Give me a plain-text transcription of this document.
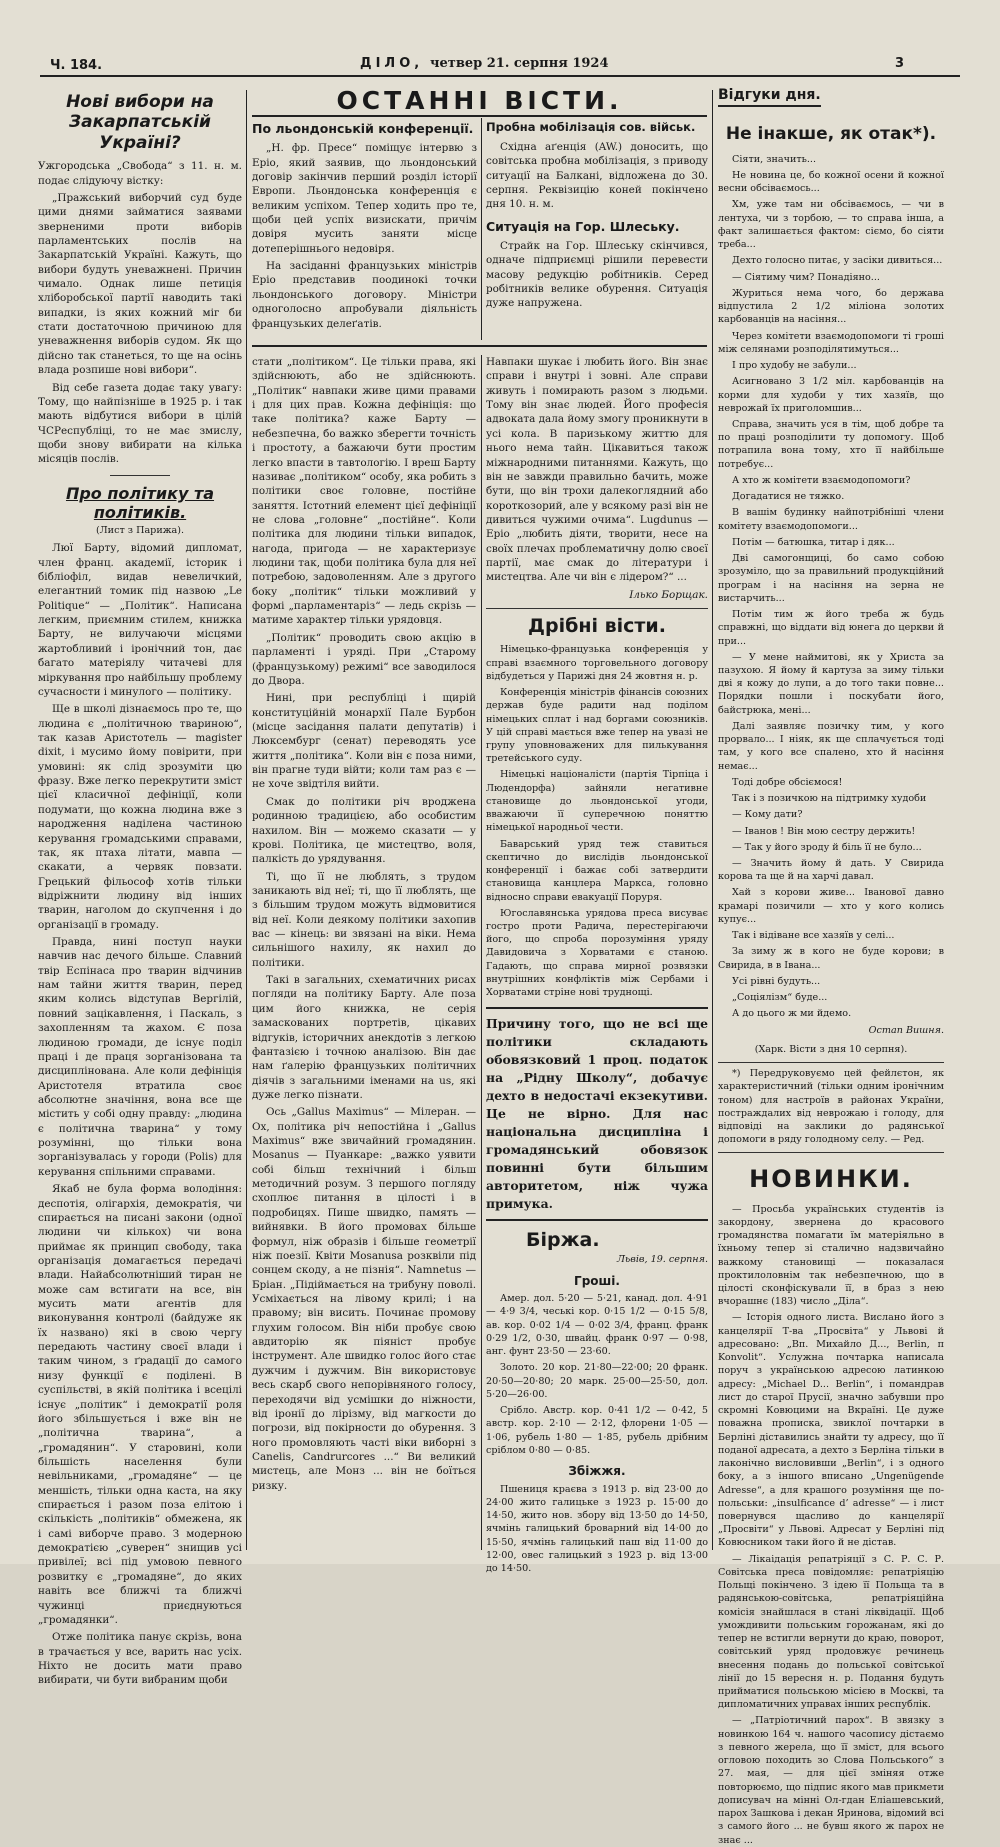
Ч. 184.	ДІЛО, четвер 21. серпня 1924	3
Нові вибори на Закарпатській Україні?

Ужгородська „Свобода“ з 11. н. м. подає слідуючу вістку:

„Пражський виборчий суд буде цими днями займатися заявами зверненими проти виборів парламентських послів на Закарпатській Україні. Кажуть, що вибори будуть уневажнені. Причин чимало. Однак лише петиція хліборобської партії наводить такі випадки, із яких кожний міг би стати достаточною причиною для уневажнення виборів судом. Як що дійсно так станеться, то ще на осінь влада розпише нові вибори“.

Від себе газета додає таку увагу: Тому, що найпізніше в 1925 р. і так мають відбутися вибори в цілій ЧСРеспубліці, то не має змислу, щоби знову вибирати на кілька місяців послів.

Про політику та політиків.
(Лист з Парижа).

Люї Барту, відомий дипломат, член франц. академії, історик і бібліофіл, видав невеличкий, елегантний томик під назвою „Le Politique“ — „Політик“. Написана легким, приємним стилем, книжка Барту, не вилучаючи місцями жартобливий і іронічний тон, дає багато матеріялу читачеві для міркування про найбільшу проблему сучасности і минулого — політику.

Ще в школі дізнаємось про те, що людина є „політичною твариною“, так казав Аристотель — magister dixit, і мусимо йому повірити, при умовині: як слід зрозуміти цю фразу. Вже легко перекрутити зміст цієї класичної дефініції, коли подумати, що кожна людина вже з народження наділена частиною керування громадськими справами, так, як птаха літати, мавпа — скакати, а червяк повзати. Грецький фільософ хотів тільки відріжнити людину від інших тварин, наголом до скупчення і до організації в громаду.

Правда, нині поступ науки навчив нас дечого більше. Славний твір Еспінаса про тварин відчинив нам тайни життя тварин, перед яким колись відступав Вергілій, повний зацікавлення, і Паскаль, з захопленням та жахом. Є поза людиною громади, де існує поділ праці і де праця зорганізована та дисциплінована. Але коли дефініція Аристотеля втратила своє абсолютне значіння, вона все ще містить у собі одну правду: „людина є політична тварина“ у тому розумінні, що тільки вона зорганізувалась у городи (Polis) для керування спільними справами.

Якаб не була форма володіння: деспотія, олігархія, демократія, чи спирається на писані закони (одної людини чи кількох) чи вона приймає як принцип свободу, така організація домагається передачі влади. Найабсолютніший тиран не може сам встигати на все, він мусить мати агентів для виконування контролі (байдуже як їх названо) які в свою чергу передають частину своєї влади і таким чином, з ґрадації до самого низу функції є поділені. В суспільстві, в якій політика і всецілі існує „політик“ і демократії роля його збільшується і вже він не „політична тварина“, а „громадянин“. У старовині, коли більшість населення були невільниками, „громадяне“ — це меншість, тільки одна каста, на яку спирається і разом поза елітою і скількість „політиків“ обмежена, як і самі виборче право. З модерною демократією „суверен“ знищив усі привілеї; всі під умовою певного розвитку є „громадяне“, до яких навіть все ближчі та ближчі чужинці приєднуються „громадянки“.

Отже політика панує скрізь, вона в трачається у все, варить нас усіх. Ніхто не досить мати право вибирати, чи бути вибраним щоби

ОСТАННІ ВІСТИ.
По льондонській конференції.

„Н. фр. Пресе“ поміщує інтервю з Еріо, який заявив, що льондонський договір закінчив перший розділ історії Европи. Льондонська конференція є великим успіхом. Тепер ходить про те, щоби цей успіх визискати, причім довіря мусить заняти місце дотеперішнього недовіря.

На засіданні французьких міністрів Еріо представив поодинокі точки льондонського договору. Міністри одноголосно апробували діяльність французьких делеґатів.

Пробна мобілізація сов. військ.

Східна аґенція (AW.) доносить, що совітська пробна мобілізація, з приводу ситуації на Балкані, відложена до 30. серпня. Реквізицію коней покінчено дня 10. н. м.

Ситуація на Гор. Шлеську.

Страйк на Гор. Шлеську скінчився, одначе підприємці рішили перевести масову редукцію робітників. Серед робітників велике обурення. Ситуація дуже напружена.

стати „політиком“. Це тільки права, які здійснюють, або не здійснюють. „Політик“ навпаки живе цими правами і для цих прав. Кожна дефініція: що таке політика? каже Барту — небезпечна, бо важко зберегти точність і простоту, а бажаючи бути простим легко впасти в тавтологію. І вреш Барту називає „політиком“ особу, яка робить з політики своє головне, постійне заняття. Істотний елемент цієї дефініції не слова „головне“ „постійне“. Коли політика для людини тільки випадок, нагода, пригода — не характеризує людини так, щоби політика була для неї потребою, задоволенням. Але з другого боку „політик“ тільки можливий у формі „парламентаріз“ — ледь скрізь — матиме характер тільки урядовця.

„Політик“ проводить свою акцію в парламенті і уряді. При „Старому (французькому) режимі“ все заводилося до Двора.

Нині, при республіці і щирій конституційній монархії Пале Бурбон (місце засідання палати депутатів) і Люксембург (сенат) переводять усе життя „політика“. Коли він є поза ними, він прагне туди війти; коли там раз є — не хоче звідтіля вийти.

Смак до політики річ вроджена родинною традицією, або особистим нахилом. Він — можемо сказати — у крові. Політика, це мистецтво, воля, палкість до урядування.

Ті, що її не люблять, з трудом заникають від неї; ті, що її люблять, ще з більшим трудом можуть відмовитися від неї. Коли деякому політики захопив вас — кінець: ви звязані на віки. Нема сильнішого нахилу, як нахил до політики.

Такі в загальних, схематичних рисах погляди на політику Барту. Але поза цим його книжка, не серія замаскованих портретів, цікавих відгуків, історичних анекдотів з легкою фантазією і точною аналізою. Він дає нам ґалерію французьких політичних діячів з загальними іменами на us, які дуже легко пізнати.

Ось „Gallus Maximus“ — Мілеран. — Ох, політика річ непостійна і „Gallus Maximus“ вже звичайний громадянин. Mosanus — Пуанкаре: „важко уявити собі більш технічний і більш методичний розум. З першого погляду схоплює питання в цілості і в подробицях. Пише швидко, память — вийнявки. В його промовах більше формул, ніж образів і більше геометрії ніж поезії. Квіти Mosanusa розквіли під сонцем скоду, а не пізнія“. Namnetus — Бріан. „Підіймається на трибуну поволі. Усміхається на лівому крилі; і на правому; він висить. Починає промову глухим голосом. Він ніби пробує свою авдиторію як піяніст пробує інструмент. Але швидко голос його стає дужчим і дужчим. Він використовує весь скарб свого непорівняного голосу, переходячи від усмішки до ніжности, від іронії до лірізму, від магкости до погрози, від покірности до обурення. З ного промовляють часті віки виборні з Canelis, Candrurcores ...“ Ви великий мистець, але Монз ... він не боїться ризку.

Навпаки шукає і любить його. Він знає справи і внутрі і зовні. Але справи живуть і помирають разом з людьми. Тому він знає людей. Його професія адвоката дала йому змогу проникнути в усі кола. В паризькому життю для нього нема тайн. Цікавиться також міжнародними питаннями. Кажуть, що він не завжди правильно бачить, може бути, що він трохи далекоглядний або короткозорий, але у всякому разі він не дивиться чужими очима“. Lugdunus — Еріо „любить діяти, творити, несе на своїх плечах проблематичну долю своєї партії, має смак до літератури і мистецтва. Але чи він є лідером?“ ...

Ількo Борщак.
Дрібні вісти.

Німецько-французька конференція у справі взаємного торговельного договору відбудеться у Парижі дня 24 жовтня н. р.

Конференція міністрів фінансів союзних держав буде радити над поділом німецьких сплат і над боргами союзників. У цій справі мається вже тепер на увазі не групу уповноважених для пилькування третейського суду.

Німецькі націоналісти (партія Тірпіца і Людендорфа) зайняли негативне становище до льондонської угоди, вважаючи її суперечною поняттю німецької народньої чести.

Баварський уряд теж ставиться скептично до вислідів льондонської конференції і бажає собі затвердити становища канцлера Маркса, головно відносно справи евакуації Поруря.

Югославянська урядова преса висуває гостро проти Радича, перестерігаючи його, що спроба порозуміння уряду Давидовича з Хорватами є станою. Гадають, що справа мирної розвязки внутрішних конфліктів між Сербами і Хорватами стріне нові труднощі.

Причину того, що не всі ще політики складають обовязковий 1 проц. податок на „Рідну Школу“, добачує дехто в недостачі екзекутиви. Це не вірно. Для нас національна дисципліна і громадянський обовязок повинні бути більшим авторитетом, ніж чужа примука.

Біржа.
Львів, 19. серпня.
Гроші.

Амер. дол. 5·20 — 5·21, канад. дол. 4·91 — 4·9 3/4, чеські кор. 0·15 1/2 — 0·15 5/8, ав. кор. 0·02 1/4 — 0·02 3/4, франц. франк 0·29 1/2, 0·30, швайц. франк 0·97 — 0·98, анг. фунт 23·50 — 23·60.

Золото. 20 кор. 21·80—22·00; 20 франк. 20·50—20·80; 20 марк. 25·00—25·50, дол. 5·20—26·00.

Срібло. Австр. кор. 0·41 1/2 — 0·42, 5 австр. кор. 2·10 — 2·12, флорени 1·05 — 1·06, рубель 1·80 — 1·85, рубель дрібним сріблом 0·80 — 0·85.

Збіжжя.

Пшениця краєва з 1913 р. від 23·00 до 24·00 жито галицьке з 1923 р. 15·00 до 14·50, жито нов. збору від 13·50 до 14·50, ячмінь галицький броварний від 14·00 до 15·50, ячмінь галицький паш від 11·00 до 12·00, овес галицький з 1923 р. від 13·00 до 14·50.

Відгуки дня.
Не інакше, як отак*).

Сіяти, значить...

Не новина це, бо кожної осени й кожної весни обсіваємось...

Хм, уже там ни обсіваємось, — чи в лентуха, чи з торбою, — то справа інша, а факт залишається фактом: сіємо, бо сіяти треба...

Дехто голосно питає, у засіки дивиться...

— Сіятиму чим? Понадіяно...

Журиться нема чого, бо держава відпустила 2 1/2 міліона золотих карбованців на насіння...

Через комітети взаємодопомоги ті гроші між селянами розподілятимуться...

І про худобу не забули...

Асигновано 3 1/2 міл. карбованців на корми для худоби у тих хазяїв, що неврожай їх приголомшив...

Справа, значить уся в тім, щоб добре та по праці розподілити ту допомогу. Щоб потрапила вона тому, хто її найбільше потребує...

А хто ж комітети взаємодопомоги?

Догадатися не тяжко.

В вашім будинку найпотрібніші члени комітету взаємодопомоги...

Потім — батюшка, титар і дяк...

Дві самогонщиці, бо само собою зрозуміло, що за правильний продукційний програм і на насіння на зерна не вистарчить...

Потім тим ж його треба ж будь справжні, що віддати від юнега до церкви й при...

— У мене наймитові, як у Христа за пазухою. Я йому й картуза за зиму тільки дві я кожу до лупи, а до того таки повне... Порядки пошли і поскубати його, байстрюка, мені...

Далі заявляє позичку тим, у кого прорвало... І ніяк, як ще сплачується тоді там, у кого все спалено, хто й насіння немає...

Тоді добре обсіємося!

Так і з позичкою на підтримку худоби

— Кому дати?

— Іванов ! Він мою сестру держить!

— Так у його зроду й біль її не було...

— Значить йому й дать. У Свирида корова та ще й на харчі давал.

Хай з корови живе... Іванової давно крамарі позичили — хто у кого колись купує...

Так і відіване все хазяїв у селі...

За зиму ж в кого не буде корови; в Свирида, в в Івана...

Усі рівні будуть...

„Соціялізм“ буде...

А до цього ж ми йдемо.

Остап Вишня.
(Харк. Вісти з дня 10 серпня).

*) Передруковуємо цей фейлєтон, як характеристичний (тільки одним іронічним тоном) для настроїв в районах України, постраждалих від неврожаю і голоду, для відповіді на заклики до радянської допомоги в ряду голодному селу. — Ред.

НОВИНКИ.

— Просьба українських студентів із закордону, звернена до красового громадянства помагати їм матеріяльно в їхньому тепер зі сталично надзвичайно важкому становищі — показалася проктилоловнім так небезпечною, що в цілості сконфіскували її, в браз з нею вчорашнє (183) число „Діла“.

— Історія одного листа. Вислано його з канцелярії Т-ва „Просвіта“ у Львові й адресовано: „Вп. Михайло Д..., Berlin, п Konvolit“. Услужна почтарка написала поруч з українською адресою латинкою адресу: „Michael D... Berlin“, і помандрав лист до старої Прусії, значно забувши про скромні Ковюцими на Вкраїні. Це дуже поважна прописка, звиклої почтарки в Берліні діставились знайти ту адресу, що її поданої адресата, а дехто з Берліна тільки в лаконічно висловивши „Berlin“, і з одного боку, а з іншого вписано „Ungenügende Adresse“, а для крашого розуміння ще по-польськи: „insulficance d’ adresse“ — і лист повернувся щасливо до канцелярії „Просвіти“ у Львові. Адресат у Берліні під Ковюсником таки його й не дістав.

— Лікаідація репатріяції з С. Р. С. Р. Совітська преса повідомляє: репатріяцію Польщі покінчено. З ідею її Польща та в радянською-совітська, репатріяційна комісія знайшлася в стані ліквідації. Щоб умождивити польським горожанам, які до тепер не встигли вернути до краю, поворот, совітський уряд продовжує речинець внесення подань до польської совітської лінії до 15 вересня н. р. Подання будуть прийматися польською місією в Москві, та дипломатичних управах інших республік.

— „Патріотичний парох“. В звязку з новинкою 164 ч. нашого часопису дістаємо з певного жерела, що її зміст, для всього огловою походить зо Слова Польського“ з 27. мая, — для цієї зміняя отже повторюємо, що підпис якого мав прикмети дописувач на мінні Ол-гдан Еліашевський, парох Зашкова і декан Яринова, відомий всі з самого його ... не бувш якого ж парох не знає ...
